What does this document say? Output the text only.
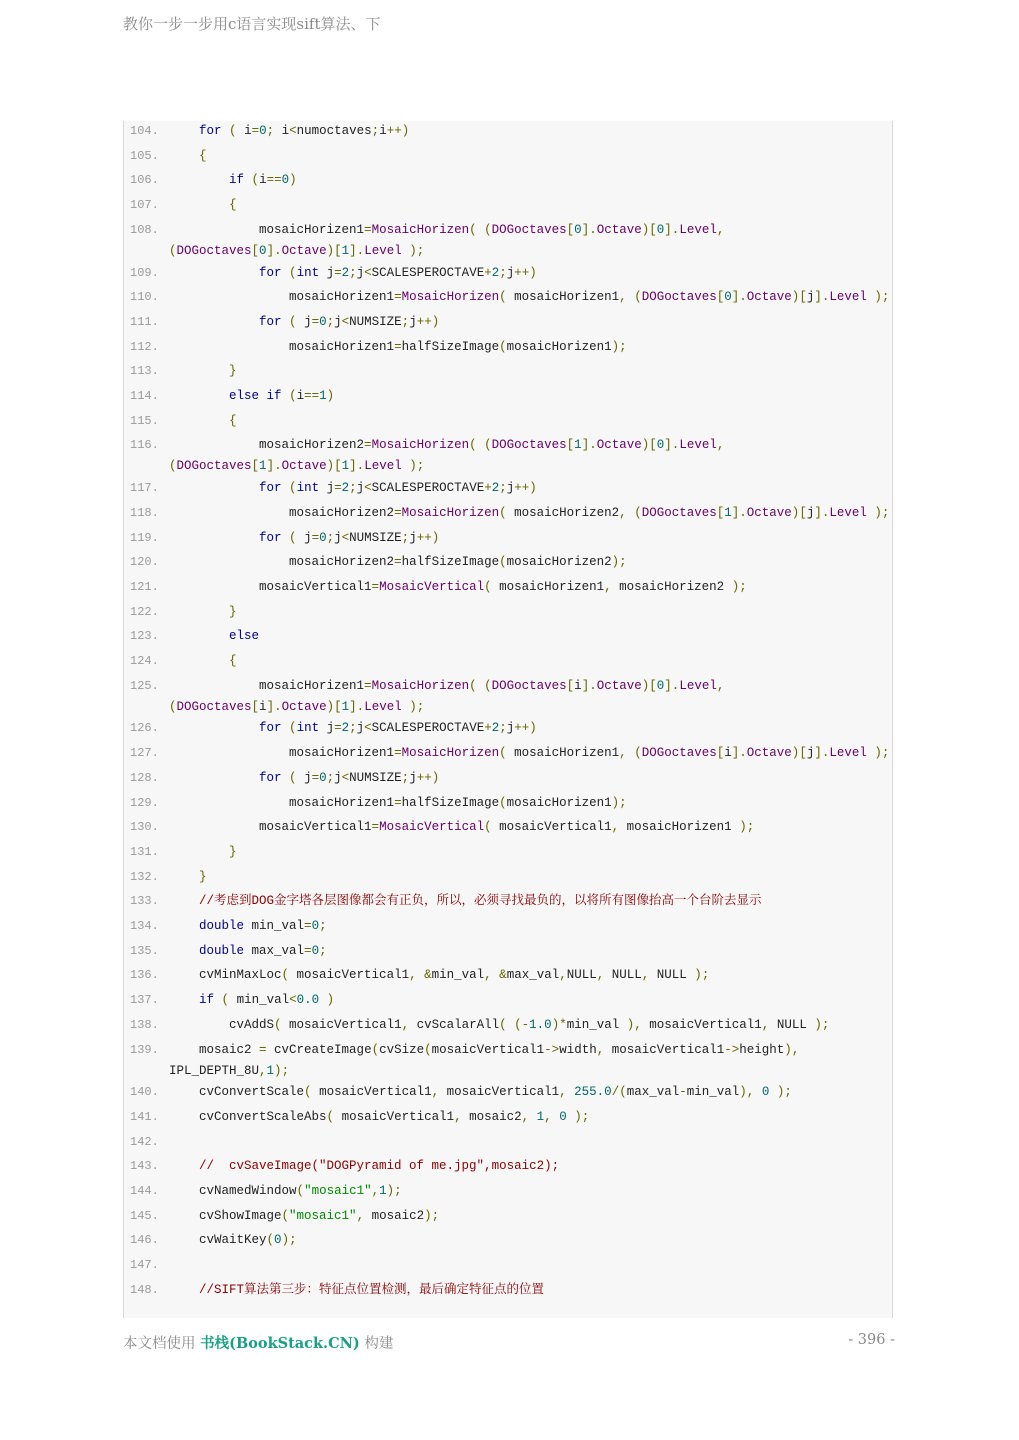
教你一步一步用c语言实现sift算法、下
104.	for ( i=0; i<numoctaves;i++)
105.	{
106.	if (i==0)
107.	{
108. mosaicHorizen1=MosaicHorizen( (DOGoctaves[0].Octave)[0].Level,
(DOGoctaves[0].Octave)[1].Level );
109.	for (int j=2;j<SCALESPEROCTAVE+2;j++)
110. mosaicHorizen1=MosaicHorizen( mosaicHorizen1, (DOGoctaves[0].Octave)[j].Level );
111.	for ( j=0;j<NUMSIZE;j++)
112. mosaicHorizen1=halfSizeImage(mosaicHorizen1);
113.	}
114.	else if (i==1)
115.	{
116. mosaicHorizen2=MosaicHorizen( (DOGoctaves[1].Octave)[0].Level,
(DOGoctaves[1].Octave)[1].Level );
117.	for (int j=2;j<SCALESPEROCTAVE+2;j++)
118. mosaicHorizen2=MosaicHorizen( mosaicHorizen2, (DOGoctaves[1].Octave)[j].Level );
119.	for ( j=0;j<NUMSIZE;j++)
120. mosaicHorizen2=halfSizeImage(mosaicHorizen2);
121. mosaicVertical1=MosaicVertical( mosaicHorizen1, mosaicHorizen2 );
122.	}
123.	else
124.	{
125. mosaicHorizen1=MosaicHorizen( (DOGoctaves[i].Octave)[0].Level,
(DOGoctaves[i].Octave)[1].Level );
126.	for (int j=2;j<SCALESPEROCTAVE+2;j++)
127. mosaicHorizen1=MosaicHorizen( mosaicHorizen1, (DOGoctaves[i].Octave)[j].Level );
128.	for ( j=0;j<NUMSIZE;j++)
129. mosaicHorizen1=halfSizeImage(mosaicHorizen1);
130. mosaicVertical1=MosaicVertical( mosaicVertical1, mosaicHorizen1 );
131.	}
132.	}
133.	//考虑到DOG金字塔各层图像都会有正负，所以，必须寻找最负的，以将所有图像抬高一个台阶去显示
134.	double min_val=0;
135.	double max_val=0;
136. cvMinMaxLoc( mosaicVertical1, &min_val, &max_val,NULL, NULL, NULL );
137.	if ( min_val<0.0 )
138. cvAddS( mosaicVertical1, cvScalarAll( (-1.0)*min_val ), mosaicVertical1, NULL );
139. mosaic2 = cvCreateImage(cvSize(mosaicVertical1->width, mosaicVertical1->height),
IPL_DEPTH_8U,1);
140. cvConvertScale( mosaicVertical1, mosaicVertical1, 255.0/(max_val-min_val), 0 );
141. cvConvertScaleAbs( mosaicVertical1, mosaic2, 1, 0 );
142.
143.	//  cvSaveImage("DOGPyramid of me.jpg",mosaic2);
144. cvNamedWindow("mosaic1",1);
145. cvShowImage("mosaic1", mosaic2);
146. cvWaitKey(0);
147.
148.	//SIFT算法第三步：特征点位置检测，最后确定特征点的位置
本文档使用 书栈(BookStack.CN) 构建	- 396 -
